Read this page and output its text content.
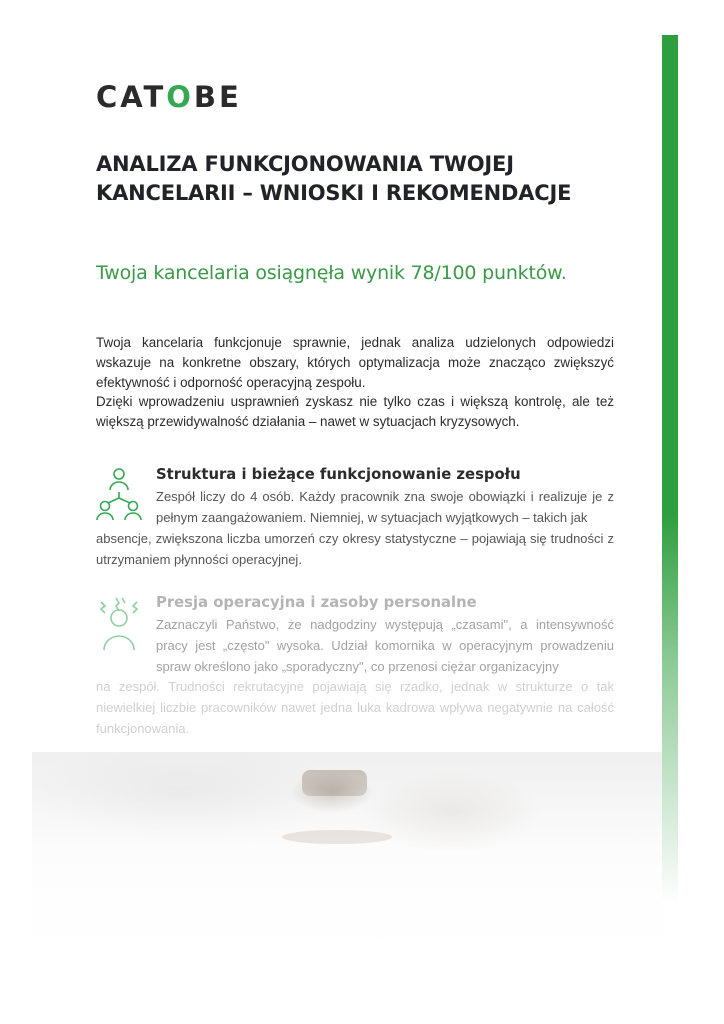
CATOBE
ANALIZA FUNKCJONOWANIA TWOJEJ
KANCELARII – WNIOSKI I REKOMENDACJE

Twoja kancelaria osiągnęła wynik 78/100 punktów.

Twoja kancelaria funkcjonuje sprawnie, jednak analiza udzielonych odpowiedzi wskazuje na konkretne obszary, których optymalizacja może znacząco zwiększyć efektywność i odporność operacyjną zespołu.

Dzięki wprowadzeniu usprawnień zyskasz nie tylko czas i większą kontrolę, ale też większą przewidywalność działania – nawet w sytuacjach kryzysowych.

Struktura i bieżące funkcjonowanie zespołu
Zespół liczy do 4 osób. Każdy pracownik zna swoje obowiązki i realizuje je z pełnym zaangażowaniem. Niemniej, w sytuacjach wyjątkowych – takich jak
absencje, zwiększona liczba umorzeń czy okresy statystyczne – pojawiają się trudności z utrzymaniem płynności operacyjnej.
Presja operacyjna i zasoby personalne
Zaznaczyli Państwo, że nadgodziny występują „czasami", a intensywność pracy jest „często" wysoka. Udział komornika w operacyjnym prowadzeniu spraw określono jako „sporadyczny", co przenosi ciężar organizacyjny
na zespół. Trudności rekrutacyjne pojawiają się rzadko, jednak w strukturze o tak niewielkiej liczbie pracowników nawet jedna luka kadrowa wpływa negatywnie na całość funkcjonowania.
